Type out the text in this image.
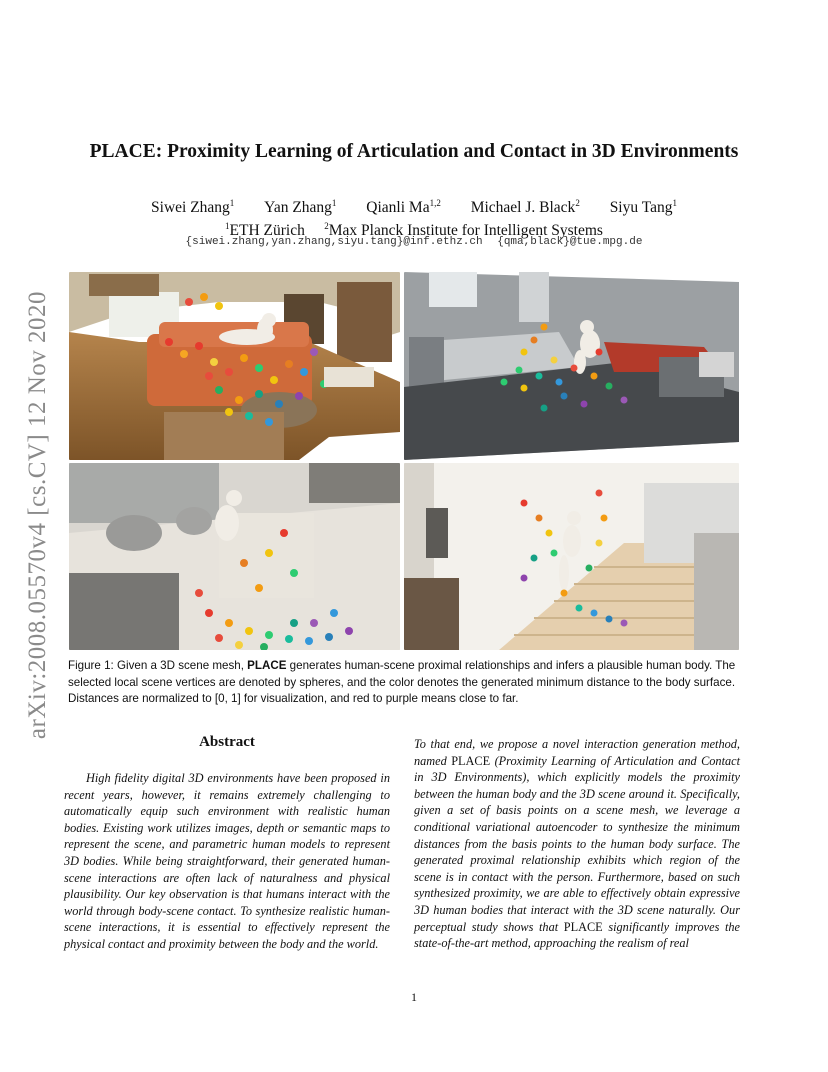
arXiv:2008.05570v4 [cs.CV] 12 Nov 2020
PLACE: Proximity Learning of Articulation and Contact in 3D Environments
Siwei Zhang$^1$ Yan Zhang$^1$ Qianli Ma$^{1,2}$ Michael J. Black$^2$ Siyu Tang$^1$
$^1$ETH Zürich $^2$Max Planck Institute for Intelligent Systems
{siwei.zhang,yan.zhang,siyu.tang}@inf.ethz.ch {qma,black}@tue.mpg.de

Figure 1: Given a 3D scene mesh, PLACE generates human-scene proximal relationships and infers a plausible human body. The selected local scene vertices are denoted by spheres, and the color denotes the generated minimum distance to the body surface. Distances are normalized to [0, 1] for visualization, and red to purple means close to far.

Abstract

High fidelity digital 3D environments have been proposed in recent years, however, it remains extremely challenging to automatically equip such environment with realistic human bodies. Existing work utilizes images, depth or semantic maps to represent the scene, and parametric human models to represent 3D bodies. While being straightforward, their generated human-scene interactions are often lack of naturalness and physical plausibility. Our key observation is that humans interact with the world through body-scene contact. To synthesize realistic human-scene interactions, it is essential to effectively represent the physical contact and proximity between the body and the world.

To that end, we propose a novel interaction generation method, named PLACE (Proximity Learning of Articulation and Contact in 3D Environments), which explicitly models the proximity between the human body and the 3D scene around it. Specifically, given a set of basis points on a scene mesh, we leverage a conditional variational autoencoder to synthesize the minimum distances from the basis points to the human body surface. The generated proximal relationship exhibits which region of the scene is in contact with the person. Furthermore, based on such synthesized proximity, we are able to effectively obtain expressive 3D human bodies that interact with the 3D scene naturally. Our perceptual study shows that PLACE significantly improves the state-of-the-art method, approaching the realism of real

1
